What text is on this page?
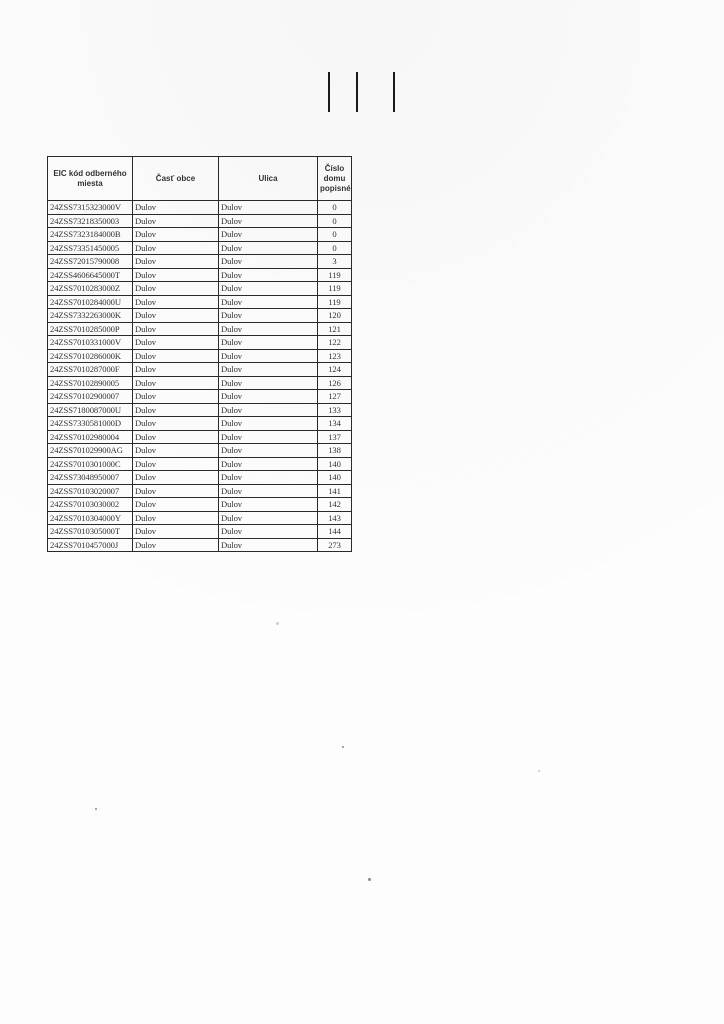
EIC kód odberného miesta	Časť obce	Ulica	Číslo domu popisné
24ZSS7315323000V	Dulov	Dulov	0
24ZSS73218350003	Dulov	Dulov	0
24ZSS7323184000B	Dulov	Dulov	0
24ZSS73351450005	Dulov	Dulov	0
24ZSS72015790008	Dulov	Dulov	3
24ZSS4606645000T	Dulov	Dulov	119
24ZSS7010283000Z	Dulov	Dulov	119
24ZSS7010284000U	Dulov	Dulov	119
24ZSS7332263000K	Dulov	Dulov	120
24ZSS7010285000P	Dulov	Dulov	121
24ZSS7010331000V	Dulov	Dulov	122
24ZSS7010286000K	Dulov	Dulov	123
24ZSS7010287000F	Dulov	Dulov	124
24ZSS70102890005	Dulov	Dulov	126
24ZSS70102900007	Dulov	Dulov	127
24ZSS7180087000U	Dulov	Dulov	133
24ZSS7330581000D	Dulov	Dulov	134
24ZSS70102980004	Dulov	Dulov	137
24ZSS701029900AG	Dulov	Dulov	138
24ZSS7010301000C	Dulov	Dulov	140
24ZSS73048950007	Dulov	Dulov	140
24ZSS70103020007	Dulov	Dulov	141
24ZSS70103030002	Dulov	Dulov	142
24ZSS7010304000Y	Dulov	Dulov	143
24ZSS7010305000T	Dulov	Dulov	144
24ZSS7010457000J	Dulov	Dulov	273
